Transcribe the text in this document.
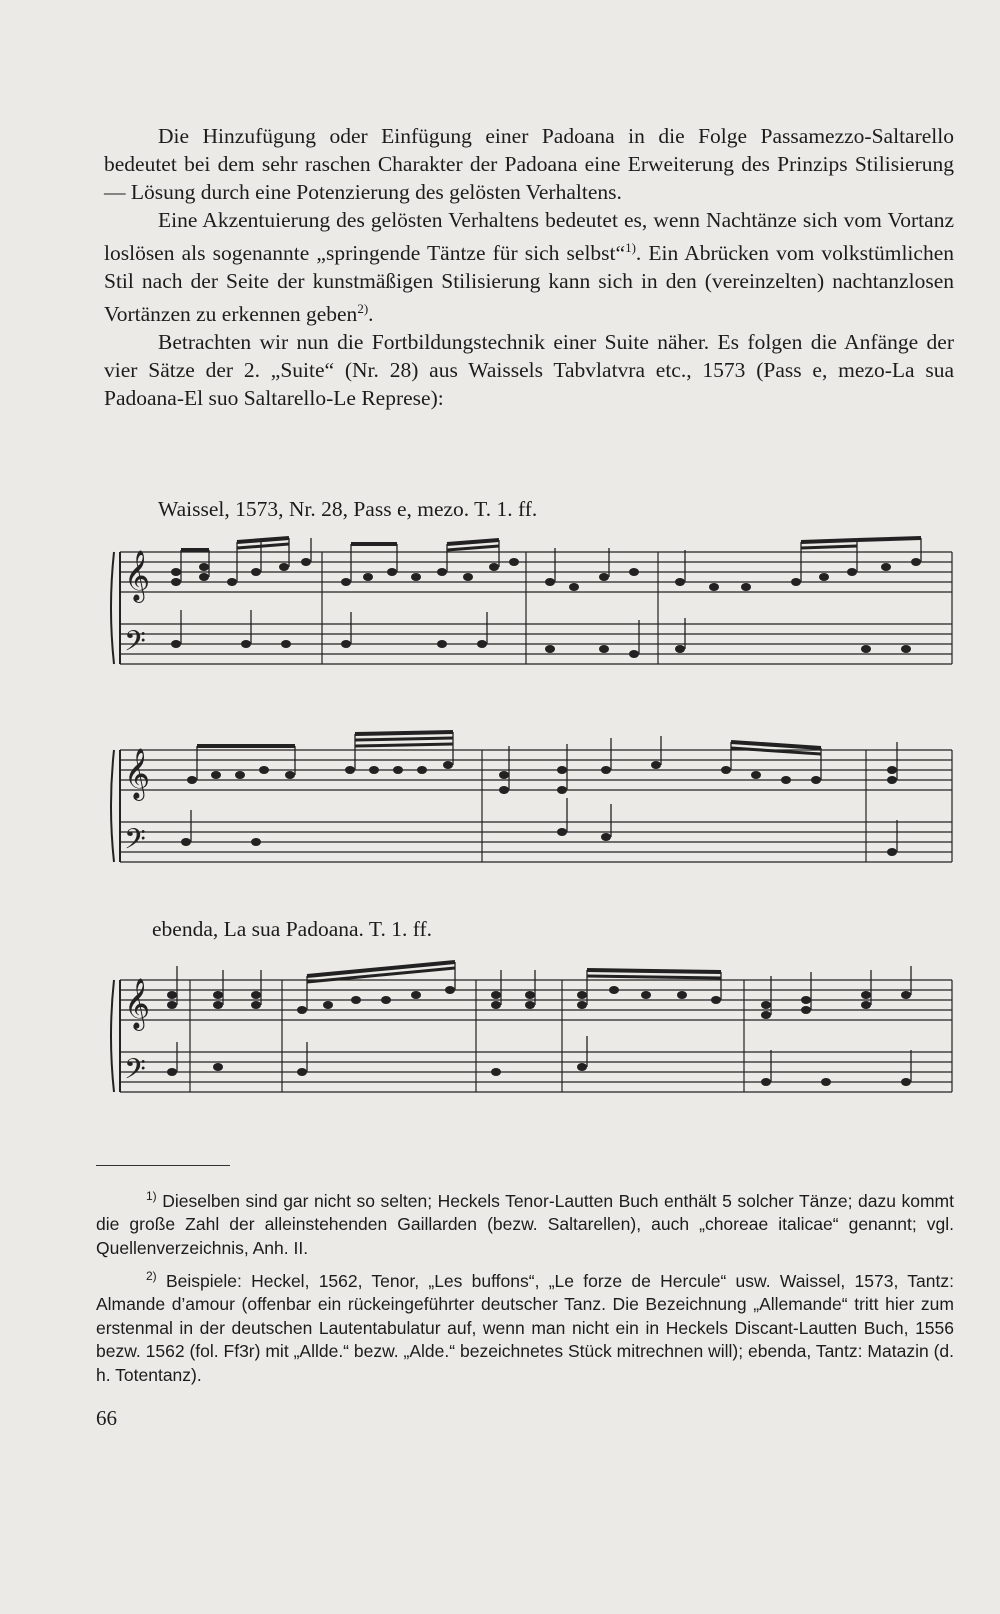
Die Hinzufügung oder Einfügung einer Padoana in die Folge Passamezzo-Saltarello bedeutet bei dem sehr raschen Charakter der Padoana eine Erweiterung des Prinzips Stilisierung — Lösung durch eine Potenzierung des gelösten Verhaltens.

Eine Akzentuierung des gelösten Verhaltens bedeutet es, wenn Nachtänze sich vom Vortanz loslösen als sogenannte „springende Täntze für sich selbst“$^{1)}$. Ein Abrücken vom volkstümlichen Stil nach der Seite der kunstmäßigen Stilisierung kann sich in den (vereinzelten) nachtanzlosen Vortänzen zu erkennen geben$^{2)}$.

Betrachten wir nun die Fortbildungstechnik einer Suite näher. Es folgen die Anfänge der vier Sätze der 2. „Suite“ (Nr. 28) aus Waissels Tabvlatvra etc., 1573 (Pass e, mezo-La sua Padoana-El suo Saltarello-Le Represe):

Waissel, 1573, Nr. 28, Pass e, mezo. T. 1. ff.
𝄞
𝄢
𝄞
𝄢
ebenda, La sua Padoana. T. 1. ff.
𝄞
𝄢

$^{1)}$ Dieselben sind gar nicht so selten; Heckels Tenor-Lautten Buch enthält 5 solcher Tänze; dazu kommt die große Zahl der alleinstehenden Gaillarden (bezw. Saltarellen), auch „choreae italicae“ genannt; vgl. Quellenverzeichnis, Anh. II.

$^{2)}$ Beispiele: Heckel, 1562, Tenor, „Les buffons“, „Le forze de Hercule“ usw. Waissel, 1573, Tantz: Almande d’amour (offenbar ein rückeingeführter deutscher Tanz. Die Bezeichnung „Allemande“ tritt hier zum erstenmal in der deutschen Lautentabulatur auf, wenn man nicht ein in Heckels Discant-Lautten Buch, 1556 bezw. 1562 (fol. Ff3r) mit „Allde.“ bezw. „Alde.“ bezeichnetes Stück mitrechnen will); ebenda, Tantz: Matazin (d. h. Totentanz).

66
